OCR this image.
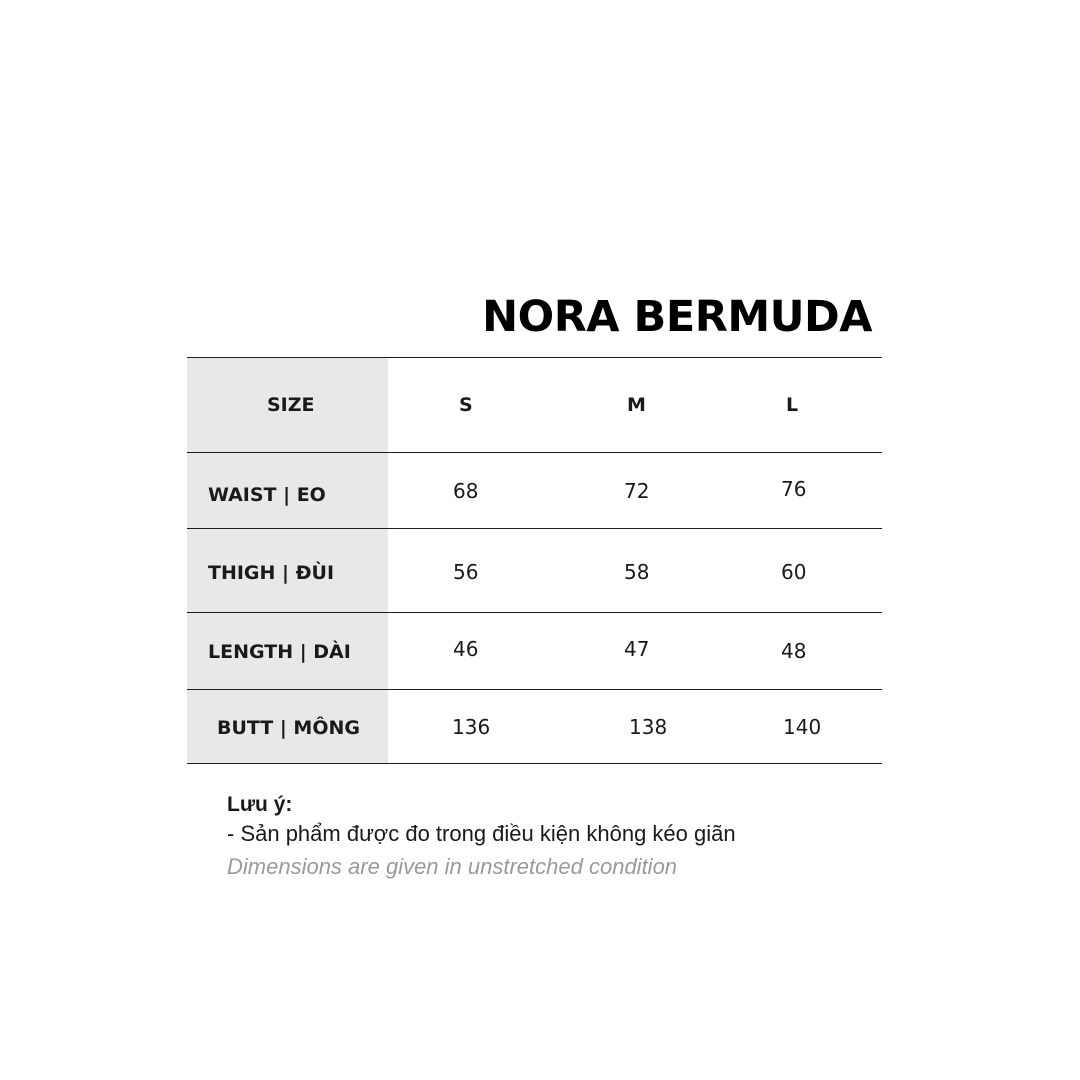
NORA BERMUDA
SIZE	S	M	L
WAIST | EO	68	72	76
THIGH | ĐÙI	56	58	60
LENGTH | DÀI	46	47	48
BUTT | MÔNG	136	138	140
Lưu ý:
- Sản phẩm được đo trong điều kiện không kéo giãn
Dimensions are given in unstretched condition
